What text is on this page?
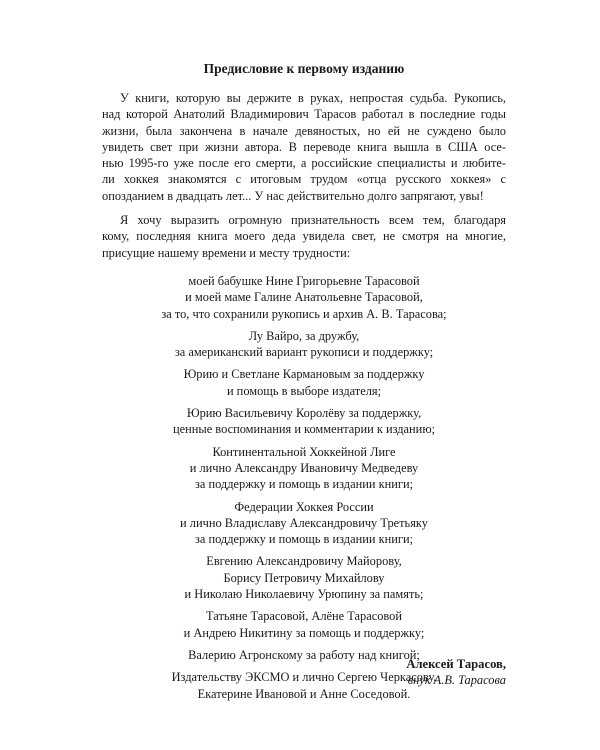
Предисловие к первому изданию

У книги, которую вы держите в руках, непростая судьба. Рукопись,
над которой Анатолий Владимирович Тарасов работал в последние годы
жизни, была закончена в начале девяностых, но ей не суждено было
увидеть свет при жизни автора. В переводе книга вышла в США осе-
нью 1995-го уже после его смерти, а российские специалисты и любите-
ли хоккея знакомятся с итоговым трудом «отца русского хоккея» с
опозданием в двадцать лет... У нас действительно долго запрягают, увы!

Я хочу выразить огромную признательность всем тем, благодаря
кому, последняя книга моего деда увидела свет, не смотря на многие,
присущие нашему времени и месту трудности:

моей бабушке Нине Григорьевне Тарасовой
и моей маме Галине Анатольевне Тарасовой,
за то, что сохранили рукопись и архив А. В. Тарасова;
Лу Вайро, за дружбу,
за американский вариант рукописи и поддержку;
Юрию и Светлане Кармановым за поддержку
и помощь в выборе издателя;
Юрию Васильевичу Королёву за поддержку,
ценные воспоминания и комментарии к изданию;
Континентальной Хоккейной Лиге
и лично Александру Ивановичу Медведеву
за поддержку и помощь в издании книги;
Федерации Хоккея России
и лично Владиславу Александровичу Третьяку
за поддержку и помощь в издании книги;
Евгению Александровичу Майорову,
Борису Петровичу Михайлову
и Николаю Николаевичу Урюпину за память;
Татьяне Тарасовой, Алёне Тарасовой
и Андрею Никитину за помощь и поддержку;
Валерию Агронскому за работу над книгой;
Издательству ЭКСМО и лично Сергею Черкасову,
Екатерине Ивановой и Анне Соседовой.
Алексей Тарасов,
внук А.В. Тарасова
